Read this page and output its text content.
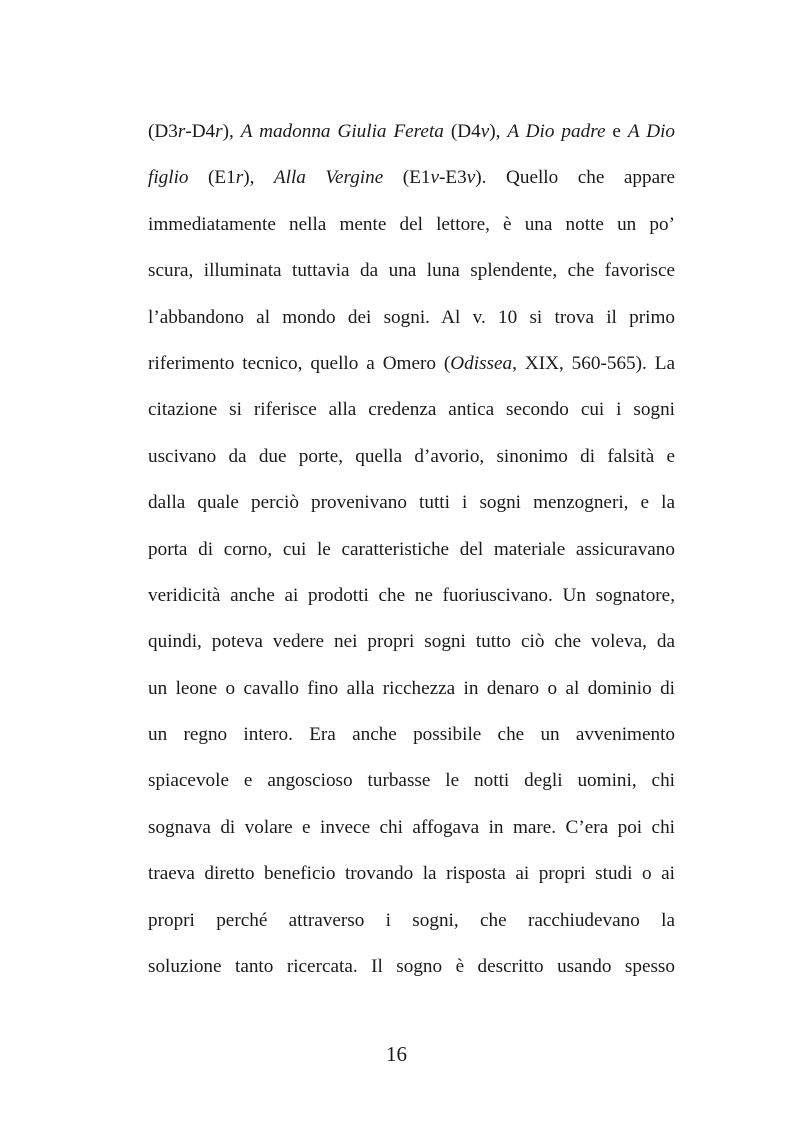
(D3r-D4r), A madonna Giulia Fereta (D4v), A Dio padre e A Dio
figlio (E1r), Alla Vergine (E1v-E3v). Quello che appare
immediatamente nella mente del lettore, è una notte un po’
scura, illuminata tuttavia da una luna splendente, che favorisce
l’abbandono al mondo dei sogni. Al v. 10 si trova il primo
riferimento tecnico, quello a Omero (Odissea, XIX, 560-565). La
citazione si riferisce alla credenza antica secondo cui i sogni
uscivano da due porte, quella d’avorio, sinonimo di falsità e
dalla quale perciò provenivano tutti i sogni menzogneri, e la
porta di corno, cui le caratteristiche del materiale assicuravano
veridicità anche ai prodotti che ne fuoriuscivano. Un sognatore,
quindi, poteva vedere nei propri sogni tutto ciò che voleva, da
un leone o cavallo fino alla ricchezza in denaro o al dominio di
un regno intero. Era anche possibile che un avvenimento
spiacevole e angoscioso turbasse le notti degli uomini, chi
sognava di volare e invece chi affogava in mare. C’era poi chi
traeva diretto beneficio trovando la risposta ai propri studi o ai
propri perché attraverso i sogni, che racchiudevano la
soluzione tanto ricercata. Il sogno è descritto usando spesso
16
